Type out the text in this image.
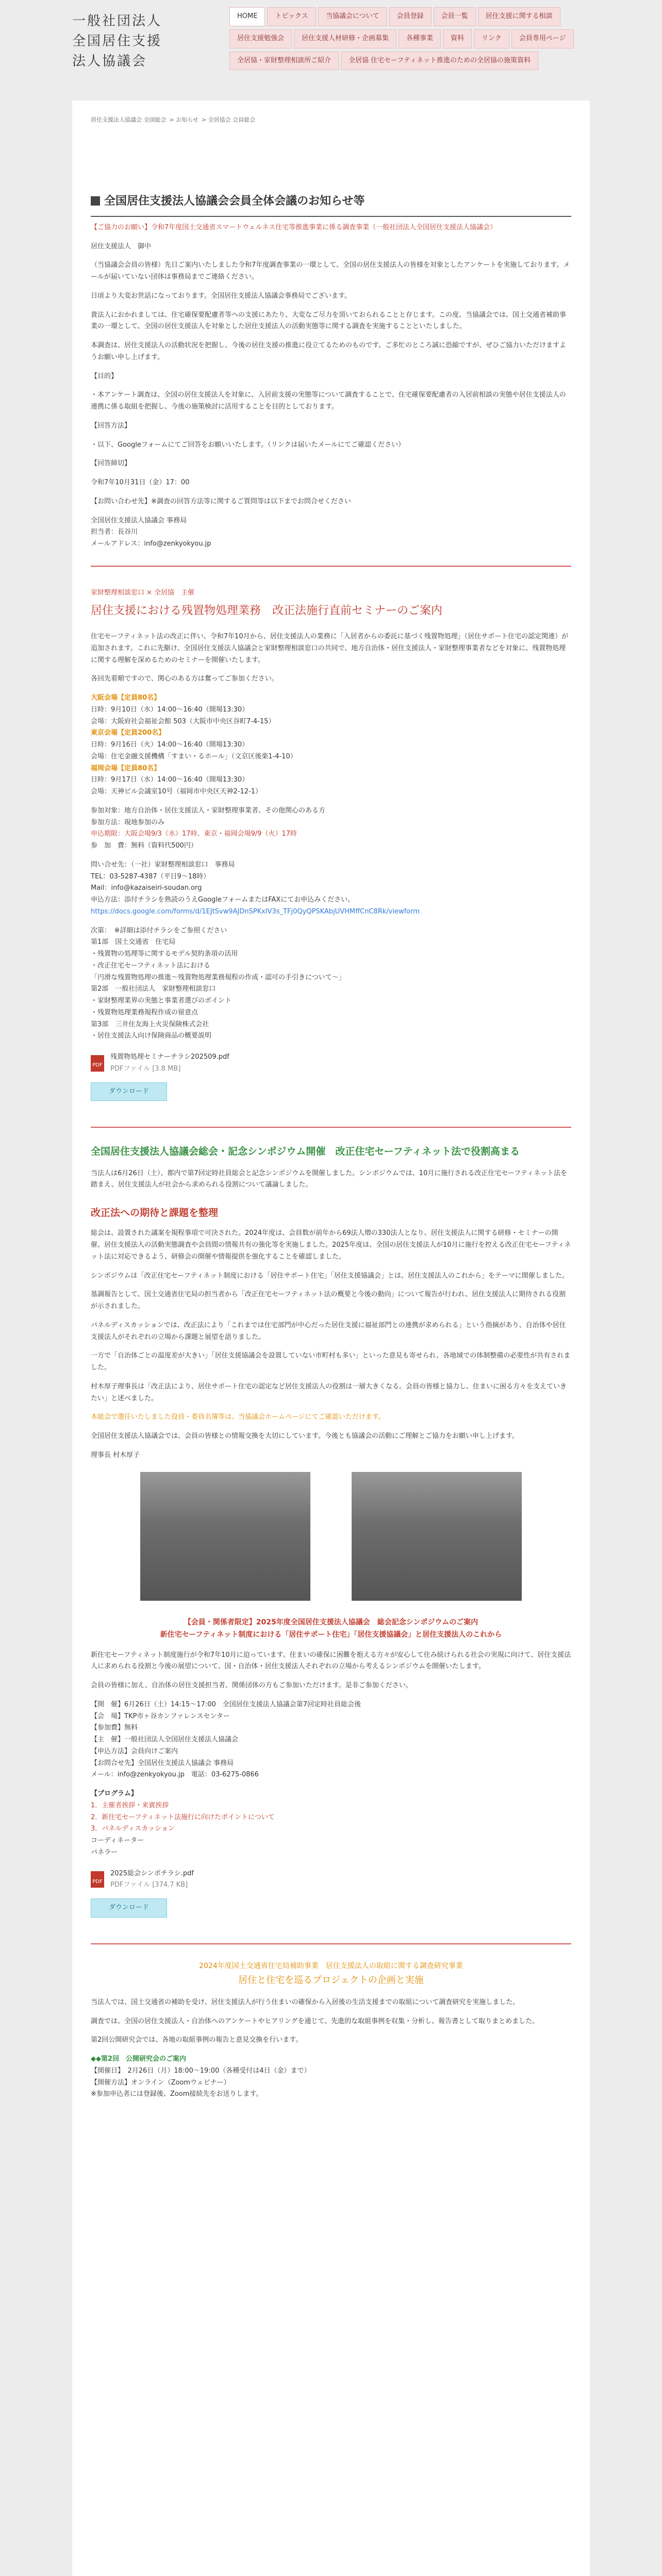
一般社団法人
全国居住支援
法人協議会
HOME	トピックス	当協議会について	会員登録	会員一覧	居住支援に関する相談
居住支援勉強会	居住支援人材研修・企画募集	各種事業	資料	リンク	会員専用ページ
全居協・家財整理相談所ご紹介	全居協 住宅セーフティネット推進のための全居協の施策資料
居住支援法人協議会 全国総会 > お知らせ > 全居協会 会員総会
全国居住支援法人協議会会員全体会議のお知らせ等

【ご協力のお願い】令和7年度国土交通省スマートウェルネス住宅等推進事業に係る調査事業（一般社団法人全国居住支援法人協議会）

居住支援法人　御中

（当協議会会員の皆様）先日ご案内いたしました令和7年度調査事業の一環として、全国の居住支援法人の皆様を対象としたアンケートを実施しております。メールが届いていない団体は事務局までご連絡ください。

日頃より大変お世話になっております。全国居住支援法人協議会事務局でございます。

貴法人におかれましては、住宅確保要配慮者等への支援にあたり、大変なご尽力を頂いておられることと存じます。この度、当協議会では、国土交通省補助事業の一環として、全国の居住支援法人を対象とした居住支援法人の活動実態等に関する調査を実施することといたしました。

本調査は、居住支援法人の活動状況を把握し、今後の居住支援の推進に役立てるためのものです。ご多忙のところ誠に恐縮ですが、ぜひご協力いただけますようお願い申し上げます。

【目的】

・本アンケート調査は、全国の居住支援法人を対象に、入居前支援の実態等について調査することで、住宅確保要配慮者の入居前相談の実態や居住支援法人の連携に係る取組を把握し、今後の施策検討に活用することを目的としております。

【回答方法】

・以下、Googleフォームにてご回答をお願いいたします。（リンクは届いたメールにてご確認ください）

【回答締切】

令和7年10月31日（金）17：00

【お問い合わせ先】※調査の回答方法等に関するご質問等は以下までお問合せください

全国居住支援法人協議会 事務局

担当者：長谷川

メールアドレス：info@zenkyokyou.jp

家財整理相談窓口 × 全居協　主催
居住支援における残置物処理業務　改正法施行直前セミナーのご案内

住宅セーフティネット法の改正に伴い、令和7年10月から、居住支援法人の業務に「入居者からの委託に基づく残置物処理」（居住サポート住宅の認定関連）が追加されます。これに先駆け、全国居住支援法人協議会と家財整理相談窓口の共同で、地方自治体・居住支援法人・家財整理事業者などを対象に、残置物処理に関する理解を深めるためのセミナーを開催いたします。

各回先着順ですので、関心のある方は奮ってご参加ください。

大阪会場【定員80名】
日時：9月10日（水）14:00〜16:40（開場13:30）
会場：大阪府社会福祉会館 503（大阪市中央区谷町7-4-15）
東京会場【定員200名】
日時：9月16日（火）14:00〜16:40（開場13:30）
会場：住宅金融支援機構「すまい・るホール」（文京区後楽1-4-10）
福岡会場【定員80名】
日時：9月17日（水）14:00〜16:40（開場13:30）
会場：天神ビル会議室10号（福岡市中央区天神2-12-1）
参加対象：地方自治体・居住支援法人・家財整理事業者、その他関心のある方
参加方法：現地参加のみ
申込期限：大阪会場9/3（水）17時、東京・福岡会場9/9（火）17時
参　加　費：無料（資料代500円）
問い合せ先：（一社）家財整理相談窓口　事務局
TEL：03-5287-4387（平日9〜18時）
Mail：info@kazaiseiri-soudan.org
申込方法：添付チラシを熟読のうえGoogleフォームまたはFAXにてお申込みください。
https://docs.google.com/forms/d/1EJtSvw9AJDnSPKxIV3s_TFj0QyQPSKAbjUVHMffCnC8Rk/viewform
次第：　※詳細は添付チラシをご参照ください
第1部　国土交通省　住宅局
・残置物の処理等に関するモデル契約条項の活用
・改正住宅セーフティネット法における
「円滑な残置物処理の推進〜残置物処理業務規程の作成・認可の手引きについて〜」
第2部　一般社団法人　家財整理相談窓口
・家財整理業界の実態と事業者選びのポイント
・残置物処理業務規程作成の留意点
第3部　三井住友海上火災保険株式会社
・居住支援法人向け保険商品の概要説明
PDF
残置物処理セミナーチラシ202509.pdf
PDFファイル [3.8 MB]
ダウンロード
全国居住支援法人協議会総会・記念シンポジウム開催　改正住宅セーフティネット法で役割高まる

当法人は6月26日（土）、都内で第7回定時社員総会と記念シンポジウムを開催しました。シンポジウムでは、10月に施行される改正住宅セーフティネット法を踏まえ、居住支援法人が社会から求められる役割について議論しました。

改正法への期待と課題を整理

総会は、設置された議案を規程事項で可決された。2024年度は、会員数が前年から69法人増の330法人となり、居住支援法人に関する研修・セミナーの開催、居住支援法人の活動実態調査や会員間の情報共有の強化等を実施しました。2025年度は、全国の居住支援法人が10月に施行を控える改正住宅セーフティネット法に対応できるよう、研修会の開催や情報提供を強化することを確認しました。

シンポジウムは「改正住宅セーフティネット制度における「居住サポート住宅」「居住支援協議会」とは、居住支援法人のこれから」をテーマに開催しました。

基調報告として、国土交通省住宅局の担当者から「改正住宅セーフティネット法の概要と今後の動向」について報告が行われ、居住支援法人に期待される役割が示されました。

パネルディスカッションでは、改正法により「これまでは住宅部門が中心だった居住支援に福祉部門との連携が求められる」という指摘があり、自治体や居住支援法人がそれぞれの立場から課題と展望を語りました。

一方で「自治体ごとの温度差が大きい」「居住支援協議会を設置していない市町村も多い」といった意見も寄せられ、各地域での体制整備の必要性が共有されました。

村木厚子理事長は「改正法により、居住サポート住宅の認定など居住支援法人の役割は一層大きくなる。会員の皆様と協力し、住まいに困る方々を支えていきたい」と述べました。

本総会で選任いたしました役員・委員名簿等は、当協議会ホームページにてご確認いただけます。

全国居住支援法人協議会では、会員の皆様との情報交換を大切にしています。今後とも協議会の活動にご理解とご協力をお願い申し上げます。

理事長 村木厚子

【会員・関係者限定】2025年度全国居住支援法人協議会　総会記念シンポジウムのご案内
新住宅セーフティネット制度における「居住サポート住宅」「居住支援協議会」と居住支援法人のこれから

新住宅セーフティネット制度施行が令和7年10月に迫っています。住まいの確保に困難を抱える方々が安心して住み続けられる社会の実現に向けて、居住支援法人に求められる役割と今後の展望について、国・自治体・居住支援法人それぞれの立場から考えるシンポジウムを開催いたします。

会員の皆様に加え、自治体の居住支援担当者、関係団体の方もご参加いただけます。是非ご参加ください。

【開　催】6月26日（土）14:15〜17:00　全国居住支援法人協議会第7回定時社員総会後
【会　場】TKP市ヶ谷カンファレンスセンター
【参加費】無料
【主　催】一般社団法人全国居住支援法人協議会
【申込方法】会員向けご案内
【お問合せ先】全国居住支援法人協議会 事務局
メール：info@zenkyokyou.jp　電話：03-6275-0866
【プログラム】
1．主催者挨拶・来賓挨拶
2．新住宅セーフティネット法施行に向けたポイントについて
3．パネルディスカッション
コーディネーター
パネラー
PDF
2025総会シンポチラシ.pdf
PDFファイル [374.7 KB]
ダウンロード
2024年度国土交通省住宅局補助事業　居住支援法人の取組に関する調査研究事業
居住と住宅を巡るプロジェクトの企画と実施

当法人では、国土交通省の補助を受け、居住支援法人が行う住まいの確保から入居後の生活支援までの取組について調査研究を実施しました。

調査では、全国の居住支援法人・自治体へのアンケートやヒアリングを通じて、先進的な取組事例を収集・分析し、報告書として取りまとめました。

第2回公開研究会では、各地の取組事例の報告と意見交換を行います。

◆◆第2回　公開研究会のご案内
【開催日】　2月26日（月）18:00〜19:00（各種受付は4日（金）まで）
【開催方法】オンライン（Zoomウェビナー）
※参加申込者には登録後、Zoom接続先をお送りします。
